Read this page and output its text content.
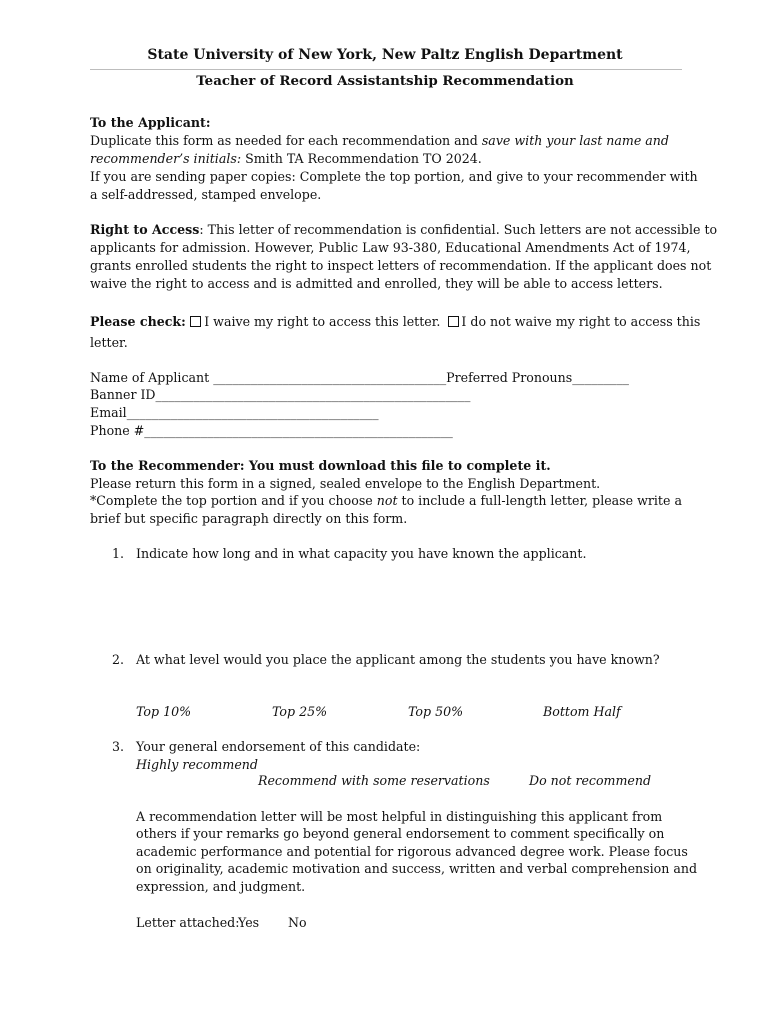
State University of New York, New Paltz English Department
Teacher of Record Assistantship Recommendation
To the Applicant:
Duplicate this form as needed for each recommendation and save with your last name and
recommender’s initials: Smith TA Recommendation TO 2024.
If you are sending paper copies: Complete the top portion, and give to your recommender with
a self-addressed, stamped envelope.
Right to Access: This letter of recommendation is confidential. Such letters are not accessible to
applicants for admission. However, Public Law 93-380, Educational Amendments Act of 1974,
grants enrolled students the right to inspect letters of recommendation. If the applicant does not
waive the right to access and is admitted and enrolled, they will be able to access letters.
Please check: I waive my right to access this letter. I do not waive my right to access this
letter.
Name of Applicant _____________________________________Preferred Pronouns_________
Banner ID__________________________________________________
Email________________________________________
Phone #_________________________________________________
To the Recommender: You must download this file to complete it.
Please return this form in a signed, sealed envelope to the English Department.
*Complete the top portion and if you choose not to include a full-length letter, please write a
brief but specific paragraph directly on this form.
1. Indicate how long and in what capacity you have known the applicant.
2. At what level would you place the applicant among the students you have known?
Top 10%	Top 25%	Top 50%	Bottom Half
3. Your general endorsement of this candidate:
Highly recommend
Recommend with some reservations	Do not recommend
A recommendation letter will be most helpful in distinguishing this applicant from
others if your remarks go beyond general endorsement to comment specifically on
academic performance and potential for rigorous advanced degree work. Please focus
on originality, academic motivation and success, written and verbal comprehension and
expression, and judgment.
Letter attached:
Yes No
